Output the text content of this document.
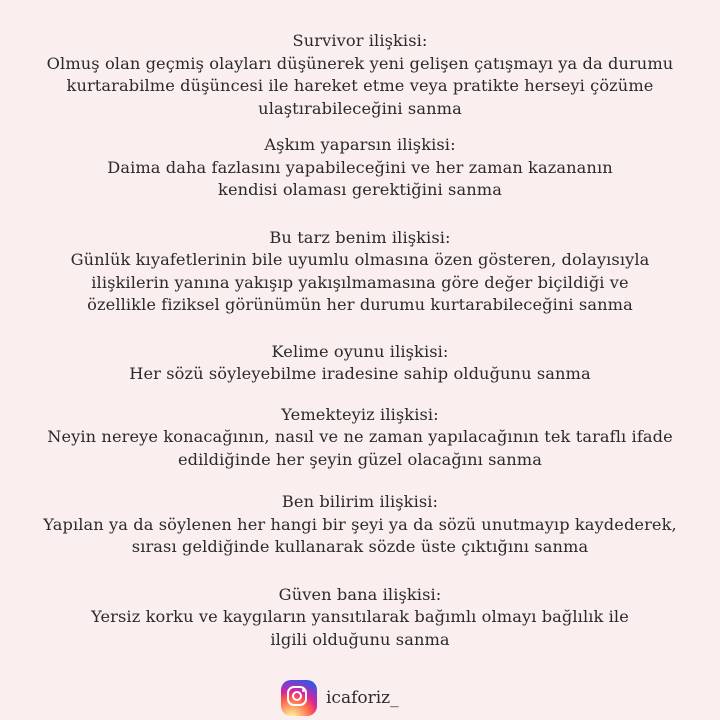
Survivor ilişkisi:
Olmuş olan geçmiş olayları düşünerek yeni gelişen çatışmayı ya da durumu
kurtarabilme düşüncesi ile hareket etme veya pratikte herseyi çözüme
ulaştırabileceğini sanma
Aşkım yaparsın ilişkisi:
Daima daha fazlasını yapabileceğini ve her zaman kazananın
kendisi olaması gerektiğini sanma
Bu tarz benim ilişkisi:
Günlük kıyafetlerinin bile uyumlu olmasına özen gösteren, dolayısıyla
ilişkilerin yanına yakışıp yakışılmamasına göre değer biçildiği ve
özellikle fiziksel görünümün her durumu kurtarabileceğini sanma
Kelime oyunu ilişkisi:
Her sözü söyleyebilme iradesine sahip olduğunu sanma
Yemekteyiz ilişkisi:
Neyin nereye konacağının, nasıl ve ne zaman yapılacağının tek taraflı ifade
edildiğinde her şeyin güzel olacağını sanma
Ben bilirim ilişkisi:
Yapılan ya da söylenen her hangi bir şeyi ya da sözü unutmayıp kaydederek,
sırası geldiğinde kullanarak sözde üste çıktığını sanma
Güven bana ilişkisi:
Yersiz korku ve kaygıların yansıtılarak bağımlı olmayı bağlılık ile
ilgili olduğunu sanma
icaforiz_
